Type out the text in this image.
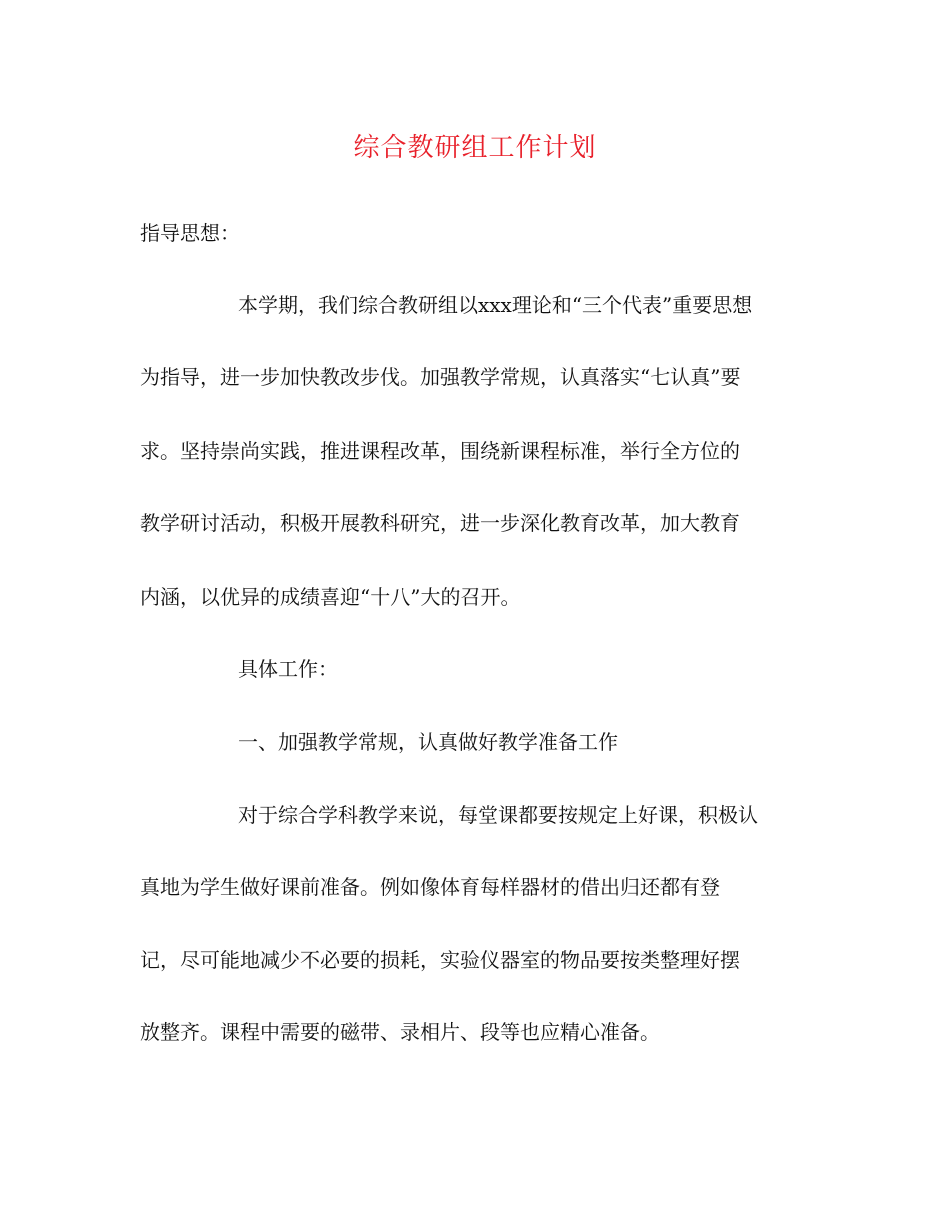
综合教研组工作计划
指导思想：
本学期，我们综合教研组以xxx理论和“三个代表”重要思想
为指导，进一步加快教改步伐。加强教学常规，认真落实“七认真”要
求。坚持崇尚实践，推进课程改革，围绕新课程标准，举行全方位的
教学研讨活动，积极开展教科研究，进一步深化教育改革，加大教育
内涵，以优异的成绩喜迎“十八”大的召开。
具体工作：
一、加强教学常规，认真做好教学准备工作
对于综合学科教学来说，每堂课都要按规定上好课，积极认
真地为学生做好课前准备。例如像体育每样器材的借出归还都有登
记，尽可能地减少不必要的损耗，实验仪器室的物品要按类整理好摆
放整齐。课程中需要的磁带、录相片、段等也应精心准备。
